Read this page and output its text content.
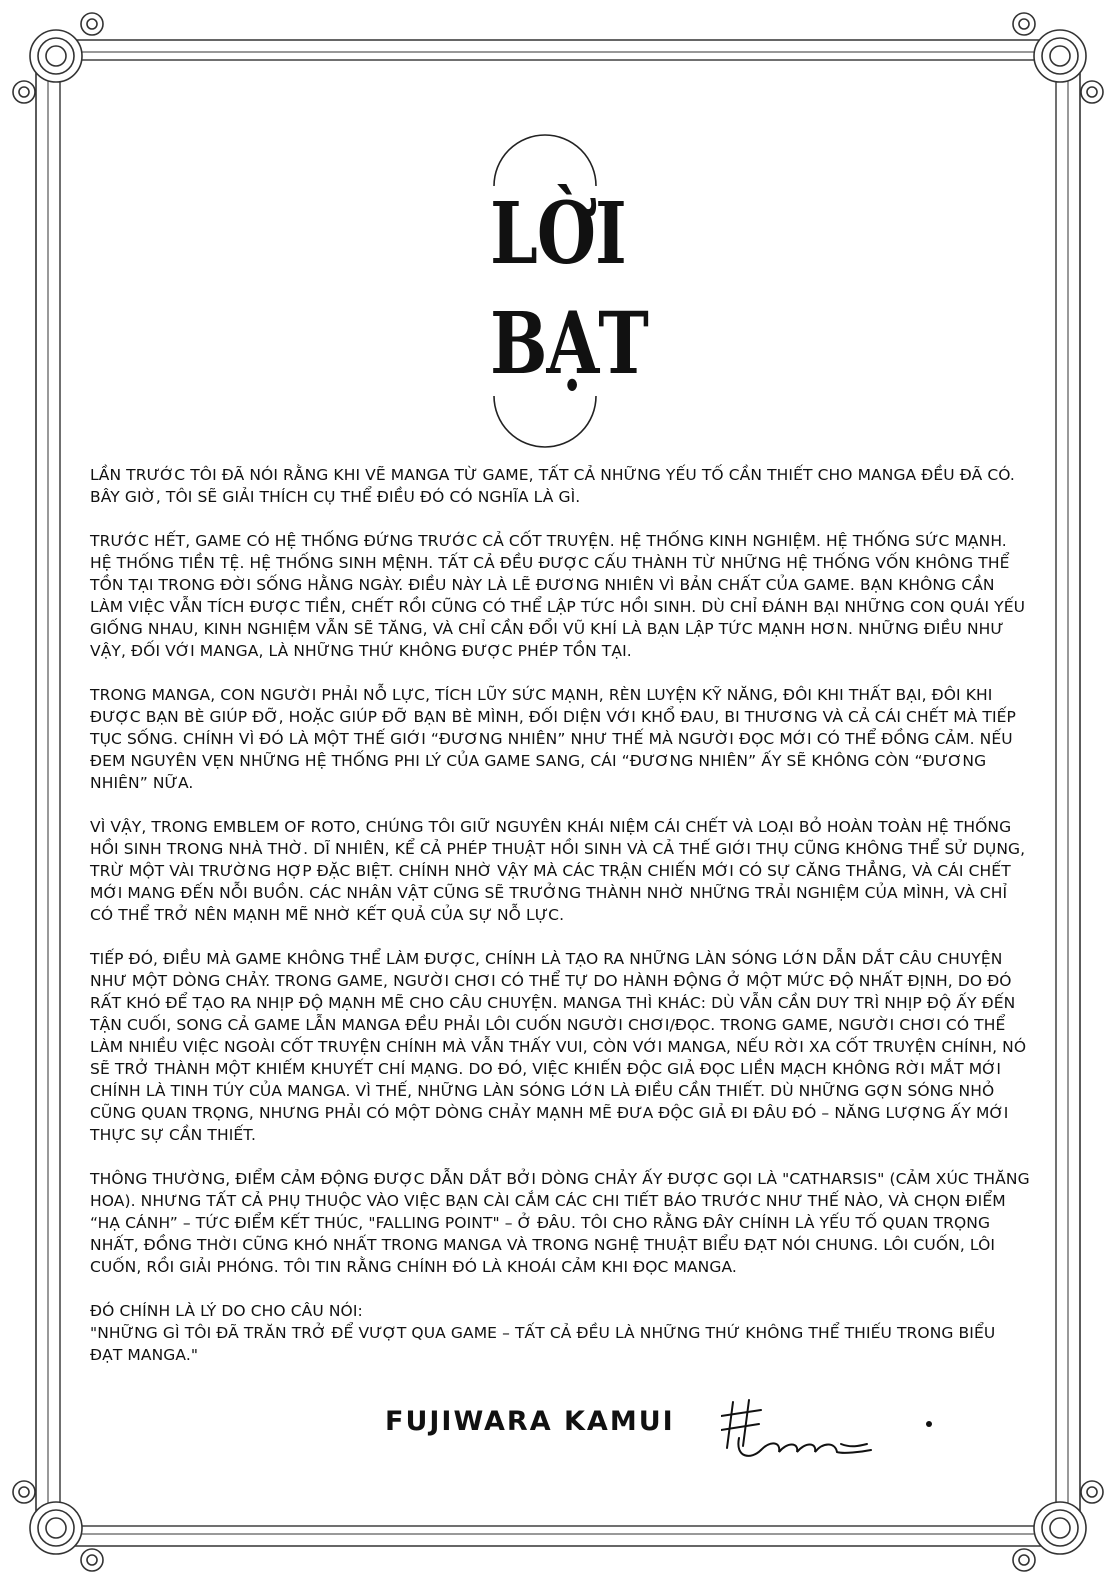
LỜI
BẠT

LẦN TRƯỚC TÔI ĐÃ NÓI RẰNG KHI VẼ MANGA TỪ GAME, TẤT CẢ NHỮNG YẾU TỐ CẦN THIẾT CHO MANGA ĐỀU ĐÃ CÓ. BÂY GIỜ, TÔI SẼ GIẢI THÍCH CỤ THỂ ĐIỀU ĐÓ CÓ NGHĨA LÀ GÌ.

TRƯỚC HẾT, GAME CÓ HỆ THỐNG ĐỨNG TRƯỚC CẢ CỐT TRUYỆN. HỆ THỐNG KINH NGHIỆM. HỆ THỐNG SỨC MẠNH. HỆ THỐNG TIỀN TỆ. HỆ THỐNG SINH MỆNH. TẤT CẢ ĐỀU ĐƯỢC CẤU THÀNH TỪ NHỮNG HỆ THỐNG VỐN KHÔNG THỂ TỒN TẠI TRONG ĐỜI SỐNG HẰNG NGÀY. ĐIỀU NÀY LÀ LẼ ĐƯƠNG NHIÊN VÌ BẢN CHẤT CỦA GAME. BẠN KHÔNG CẦN LÀM VIỆC VẪN TÍCH ĐƯỢC TIỀN, CHẾT RỒI CŨNG CÓ THỂ LẬP TỨC HỒI SINH. DÙ CHỈ ĐÁNH BẠI NHỮNG CON QUÁI YẾU GIỐNG NHAU, KINH NGHIỆM VẪN SẼ TĂNG, VÀ CHỈ CẦN ĐỔI VŨ KHÍ LÀ BẠN LẬP TỨC MẠNH HƠN. NHỮNG ĐIỀU NHƯ VẬY, ĐỐI VỚI MANGA, LÀ NHỮNG THỨ KHÔNG ĐƯỢC PHÉP TỒN TẠI.

TRONG MANGA, CON NGƯỜI PHẢI NỖ LỰC, TÍCH LŨY SỨC MẠNH, RÈN LUYỆN KỸ NĂNG, ĐÔI KHI THẤT BẠI, ĐÔI KHI ĐƯỢC BẠN BÈ GIÚP ĐỠ, HOẶC GIÚP ĐỠ BẠN BÈ MÌNH, ĐỐI DIỆN VỚI KHỔ ĐAU, BI THƯƠNG VÀ CẢ CÁI CHẾT MÀ TIẾP TỤC SỐNG. CHÍNH VÌ ĐÓ LÀ MỘT THẾ GIỚI “ĐƯƠNG NHIÊN” NHƯ THẾ MÀ NGƯỜI ĐỌC MỚI CÓ THỂ ĐỒNG CẢM. NẾU ĐEM NGUYÊN VẸN NHỮNG HỆ THỐNG PHI LÝ CỦA GAME SANG, CÁI “ĐƯƠNG NHIÊN” ẤY SẼ KHÔNG CÒN “ĐƯƠNG NHIÊN” NỮA.

VÌ VẬY, TRONG EMBLEM OF ROTO, CHÚNG TÔI GIỮ NGUYÊN KHÁI NIỆM CÁI CHẾT VÀ LOẠI BỎ HOÀN TOÀN HỆ THỐNG HỒI SINH TRONG NHÀ THỜ. DĨ NHIÊN, KỂ CẢ PHÉP THUẬT HỒI SINH VÀ CẢ THẾ GIỚI THỤ CŨNG KHÔNG THỂ SỬ DỤNG, TRỪ MỘT VÀI TRƯỜNG HỢP ĐẶC BIỆT. CHÍNH NHỜ VẬY MÀ CÁC TRẬN CHIẾN MỚI CÓ SỰ CĂNG THẲNG, VÀ CÁI CHẾT MỚI MANG ĐẾN NỖI BUỒN. CÁC NHÂN VẬT CŨNG SẼ TRƯỞNG THÀNH NHỜ NHỮNG TRẢI NGHIỆM CỦA MÌNH, VÀ CHỈ CÓ THỂ TRỞ NÊN MẠNH MẼ NHỜ KẾT QUẢ CỦA SỰ NỖ LỰC.

TIẾP ĐÓ, ĐIỀU MÀ GAME KHÔNG THỂ LÀM ĐƯỢC, CHÍNH LÀ TẠO RA NHỮNG LÀN SÓNG LỚN DẪN DẮT CÂU CHUYỆN NHƯ MỘT DÒNG CHẢY. TRONG GAME, NGƯỜI CHƠI CÓ THỂ TỰ DO HÀNH ĐỘNG Ở MỘT MỨC ĐỘ NHẤT ĐỊNH, DO ĐÓ RẤT KHÓ ĐỂ TẠO RA NHỊP ĐỘ MẠNH MẼ CHO CÂU CHUYỆN. MANGA THÌ KHÁC: DÙ VẪN CẦN DUY TRÌ NHỊP ĐỘ ẤY ĐẾN TẬN CUỐI, SONG CẢ GAME LẪN MANGA ĐỀU PHẢI LÔI CUỐN NGƯỜI CHƠI/ĐỌC. TRONG GAME, NGƯỜI CHƠI CÓ THỂ LÀM NHIỀU VIỆC NGOÀI CỐT TRUYỆN CHÍNH MÀ VẪN THẤY VUI, CÒN VỚI MANGA, NẾU RỜI XA CỐT TRUYỆN CHÍNH, NÓ SẼ TRỞ THÀNH MỘT KHIẾM KHUYẾT CHÍ MẠNG. DO ĐÓ, VIỆC KHIẾN ĐỘC GIẢ ĐỌC LIỀN MẠCH KHÔNG RỜI MẮT MỚI CHÍNH LÀ TINH TÚY CỦA MANGA. VÌ THẾ, NHỮNG LÀN SÓNG LỚN LÀ ĐIỀU CẦN THIẾT. DÙ NHỮNG GỢN SÓNG NHỎ CŨNG QUAN TRỌNG, NHƯNG PHẢI CÓ MỘT DÒNG CHẢY MẠNH MẼ ĐƯA ĐỘC GIẢ ĐI ĐÂU ĐÓ – NĂNG LƯỢNG ẤY MỚI THỰC SỰ CẦN THIẾT.

THÔNG THƯỜNG, ĐIỂM CẢM ĐỘNG ĐƯỢC DẪN DẮT BỞI DÒNG CHẢY ẤY ĐƯỢC GỌI LÀ "CATHARSIS" (CẢM XÚC THĂNG HOA). NHƯNG TẤT CẢ PHỤ THUỘC VÀO VIỆC BẠN CÀI CẮM CÁC CHI TIẾT BÁO TRƯỚC NHƯ THẾ NÀO, VÀ CHỌN ĐIỂM “HẠ CÁNH” – TỨC ĐIỂM KẾT THÚC, "FALLING POINT" – Ở ĐÂU. TÔI CHO RẰNG ĐÂY CHÍNH LÀ YẾU TỐ QUAN TRỌNG NHẤT, ĐỒNG THỜI CŨNG KHÓ NHẤT TRONG MANGA VÀ TRONG NGHỆ THUẬT BIỂU ĐẠT NÓI CHUNG. LÔI CUỐN, LÔI CUỐN, RỒI GIẢI PHÓNG. TÔI TIN RẰNG CHÍNH ĐÓ LÀ KHOÁI CẢM KHI ĐỌC MANGA.

ĐÓ CHÍNH LÀ LÝ DO CHO CÂU NÓI:
"NHỮNG GÌ TÔI ĐÃ TRĂN TRỞ ĐỂ VƯỢT QUA GAME – TẤT CẢ ĐỀU LÀ NHỮNG THỨ KHÔNG THỂ THIẾU TRONG BIỂU ĐẠT MANGA."

FUJIWARA KAMUI
